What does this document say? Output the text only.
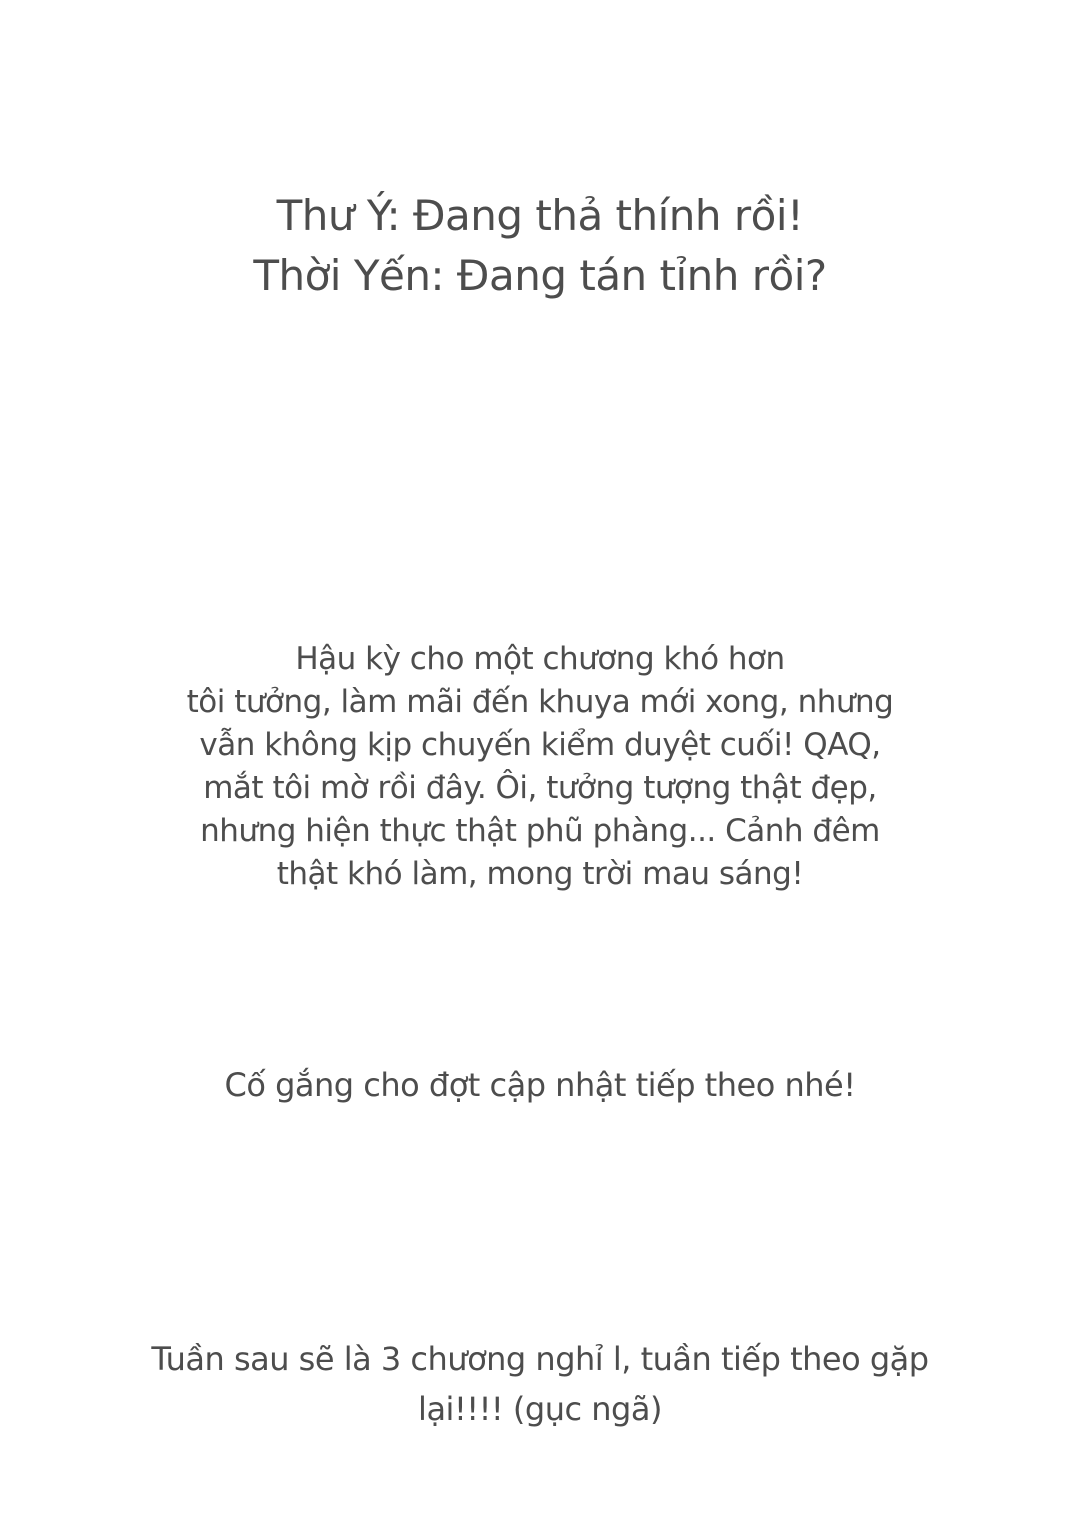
Thư Ý: Đang thả thính rồi!
Thời Yến: Đang tán tỉnh rồi?
Hậu kỳ cho một chương khó hơn
tôi tưởng, làm mãi đến khuya mới xong, nhưng
vẫn không kịp chuyến kiểm duyệt cuối! QAQ,
mắt tôi mờ rồi đây. Ôi, tưởng tượng thật đẹp,
nhưng hiện thực thật phũ phàng... Cảnh đêm
thật khó làm, mong trời mau sáng!
Cố gắng cho đợt cập nhật tiếp theo nhé!
Tuần sau sẽ là 3 chương nghỉ l, tuần tiếp theo gặp
lại!!!! (gục ngã)
